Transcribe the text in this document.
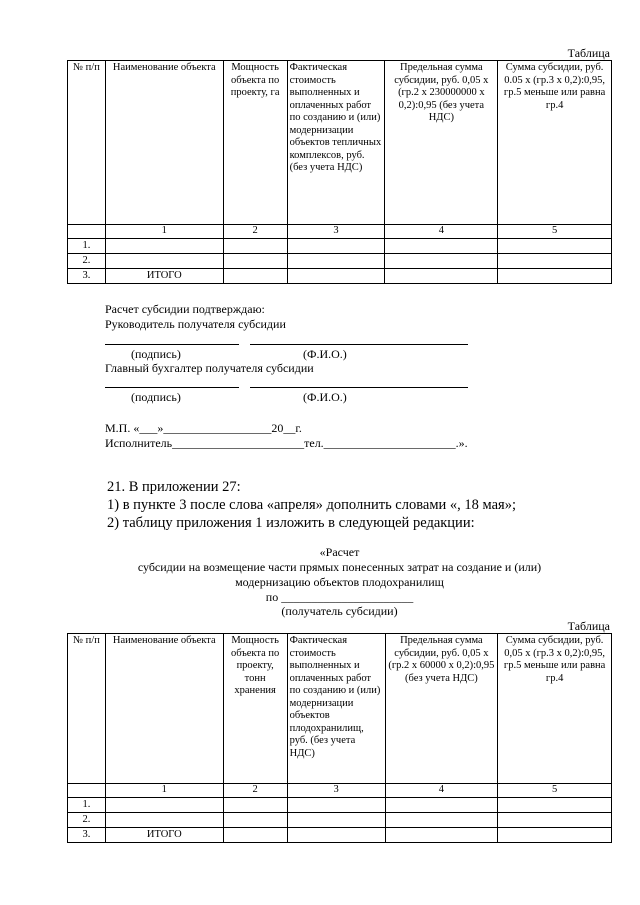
Таблица
№ п/п	Наименование объекта	Мощность объекта по проекту, га	Фактическая стоимость выполненных и оплаченных работ по созданию и (или) модернизации объектов тепличных комплексов, руб. (без учета НДС)	Предельная сумма субсидии, руб. 0,05 x (гр.2 x 230000000 x 0,2):0,95 (без учета НДС)	Сумма субсидии, руб. 0.05 x (гр.3 x 0,2):0,95, гр.5 меньше или равна гр.4
	1	2	3	4	5
1.					
2.					
3.	ИТОГО				
Расчет субсидии подтверждаю:
Руководитель получателя субсидии
(подпись)	(Ф.И.О.)
Главный бухгалтер получателя субсидии
(подпись)	(Ф.И.О.)
М.П. «___»__________________20__г.
Исполнитель______________________тел.______________________.».
21. В приложении 27:
1) в пункте 3 после слова «апреля» дополнить словами «, 18 мая»;
2) таблицу приложения 1 изложить в следующей редакции:
«Расчет
субсидии на возмещение части прямых понесенных затрат на создание и (или)
модернизацию объектов плодохранилищ
по ______________________
(получатель субсидии)
Таблица
№ п/п	Наименование объекта	Мощность объекта по проекту, тонн хранения	Фактическая стоимость выполненных и оплаченных работ по созданию и (или) модернизации объектов плодохранилищ, руб. (без учета НДС)	Предельная сумма субсидии, руб. 0,05 x (гр.2 x 60000 x 0,2):0,95 (без учета НДС)	Сумма субсидии, руб. 0,05 x (гр.3 x 0,2):0,95, гр.5 меньше или равна гр.4
	1	2	3	4	5
1.					
2.					
3.	ИТОГО				
